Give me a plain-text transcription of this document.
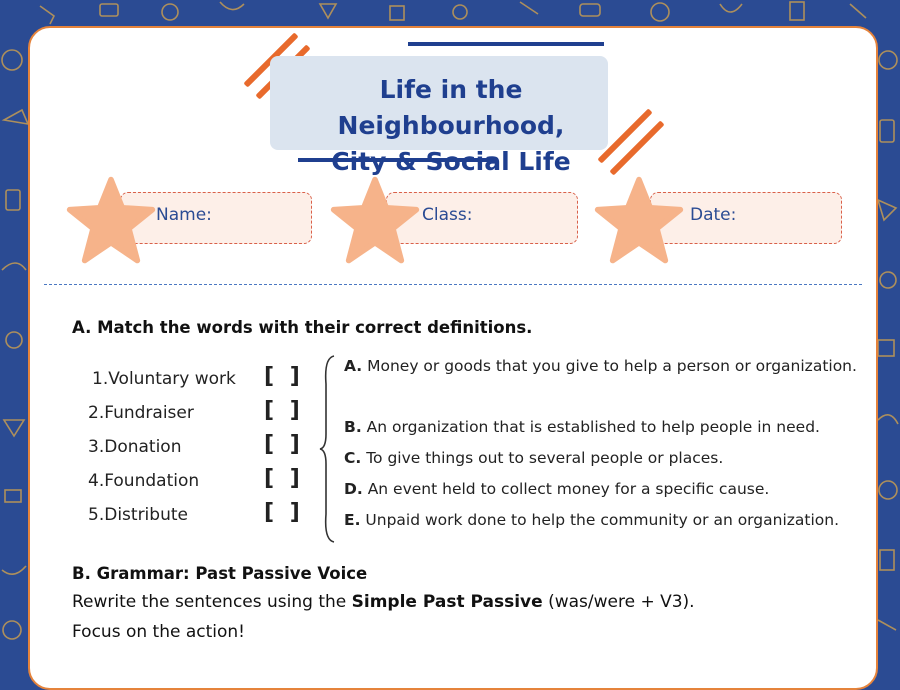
Life in the Neighbourhood,
City & Social Life
Name:	Class:	Date:
A. Match the words with their correct definitions.
1.Voluntary work
2.Fundraiser
3.Donation
4.Foundation
5.Distribute
[ ]
[ ]
[ ]
[ ]
[ ]
A. Money or goods that you give to help a person or organization.
B. An organization that is established to help people in need.
C. To give things out to several people or places.
D. An event held to collect money for a specific cause.
E. Unpaid work done to help the community or an organization.
B. Grammar: Past Passive Voice
Rewrite the sentences using the Simple Past Passive (was/were + V3).
Focus on the action!
